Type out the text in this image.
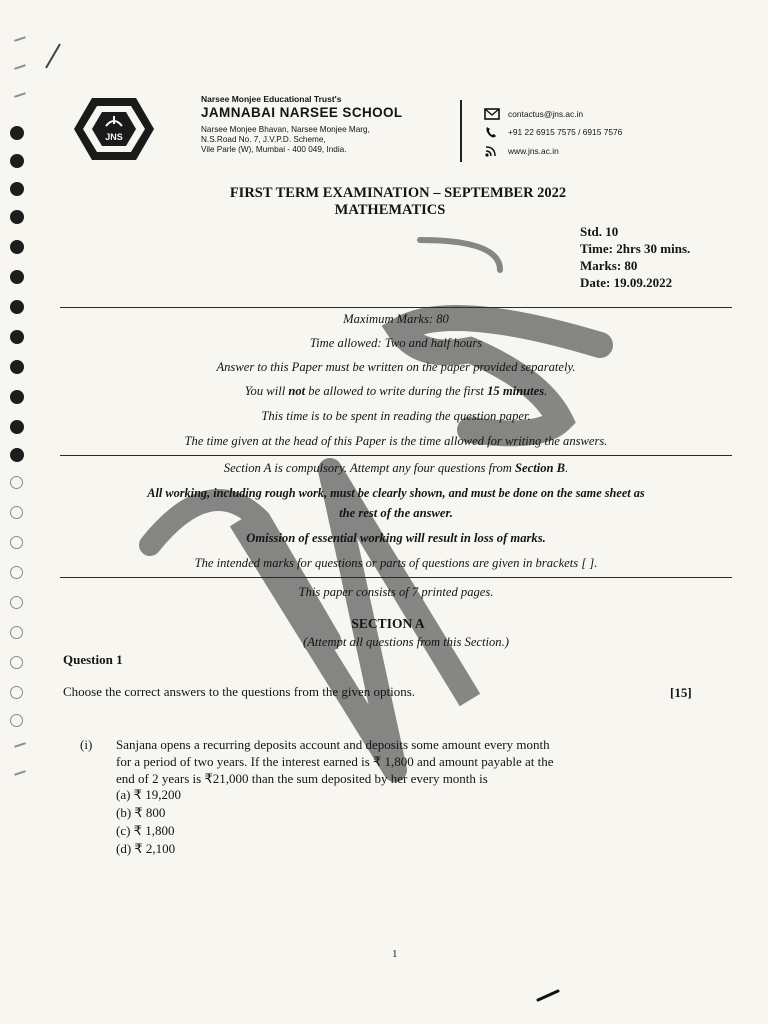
JNS
Narsee Monjee Educational Trust's
JAMNABAI NARSEE SCHOOL
Narsee Monjee Bhavan, Narsee Monjee Marg,
N.S.Road No. 7, J.V.P.D. Scheme,
Vile Parle (W), Mumbai - 400 049, India.
contactus@jns.ac.in
+91 22 6915 7575 / 6915 7576
www.jns.ac.in
FIRST TERM EXAMINATION – SEPTEMBER 2022
MATHEMATICS
Std. 10
Time: 2hrs 30 mins.
Marks: 80
Date: 19.09.2022
Maximum Marks: 80
Time allowed: Two and half hours
Answer to this Paper must be written on the paper provided separately.
You will not be allowed to write during the first 15 minutes.
This time is to be spent in reading the question paper.
The time given at the head of this Paper is the time allowed for writing the answers.
Section A is compulsory. Attempt any four questions from Section B.
All working, including rough work, must be clearly shown, and must be done on the same sheet as
the rest of the answer.
Omission of essential working will result in loss of marks.
The intended marks for questions or parts of questions are given in brackets [ ].
This paper consists of 7 printed pages.
SECTION A
(Attempt all questions from this Section.)
Question 1
Choose the correct answers to the questions from the given options.	[15]
(i) Sanjana opens a recurring deposits account and deposits some amount every month
for a period of two years. If the interest earned is ₹ 1,800 and amount payable at the
end of 2 years is ₹21,000 than the sum deposited by her every month is
(a) ₹ 19,200
(b) ₹ 800
(c) ₹ 1,800
(d) ₹ 2,100
1
